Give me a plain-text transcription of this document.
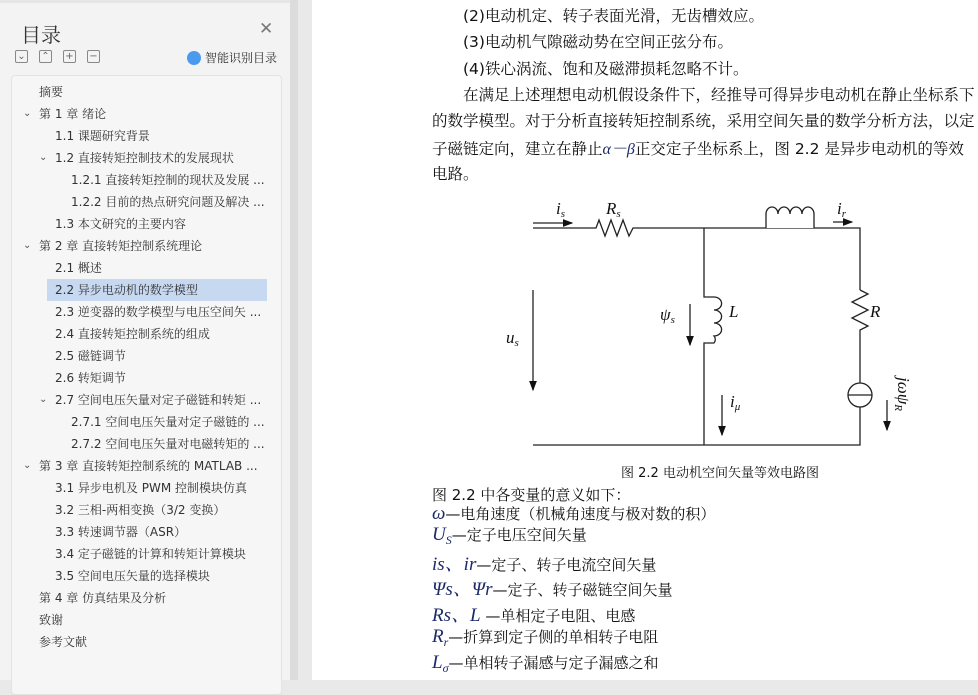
目录	✕
⌄ ⌃ + −	智能识别目录
摘要
⌄ 第 1 章 绪论
1.1 课题研究背景
⌄ 1.2 直接转矩控制技术的发展现状
1.2.1 直接转矩控制的现状及发展 ...
1.2.2 目前的热点研究问题及解决 ...
1.3 本文研究的主要内容
⌄ 第 2 章 直接转矩控制系统理论
2.1 概述
2.2 异步电动机的数学模型
2.3 逆变器的数学模型与电压空间矢 ...
2.4 直接转矩控制系统的组成
2.5 磁链调节
2.6 转矩调节
⌄ 2.7 空间电压矢量对定子磁链和转矩 ...
2.7.1 空间电压矢量对定子磁链的 ...
2.7.2 空间电压矢量对电磁转矩的 ...
⌄ 第 3 章 直接转矩控制系统的 MATLAB ...
3.1 异步电机及 PWM 控制模块仿真
3.2 三相-两相变换（3/2 变换）
3.3 转速调节器（ASR）
3.4 定子磁链的计算和转矩计算模块
3.5 空间电压矢量的选择模块
第 4 章 仿真结果及分析
致谢
参考文献
(2)电动机定、转子表面光滑，无齿槽效应。
(3)电动机气隙磁动势在空间正弦分布。
(4)铁心涡流、饱和及磁滞损耗忽略不计。
在满足上述理想电动机假设条件下，经推导可得异步电动机在静止坐标系下
的数学模型。对于分析直接转矩控制系统，采用空间矢量的数学分析方法，以定
子磁链定向，建立在静止α－β正交定子坐标系上，图 2.2 是异步电动机的等效
电路。
is Rs	ir
ψs	L
us
R
iμ
jωψR
图 2.2 电动机空间矢量等效电路图
图 2.2 中各变量的意义如下：
ω—电角速度（机械角速度与极对数的积）
$U_S—$定子电压空间矢量
is、ir—定子、转子电流空间矢量
Ψs、Ψr—定子、转子磁链空间矢量
Rs、L —单相定子电阻、电感
$R_r—$折算到定子侧的单相转子电阻
$L_\sigma—$单相转子漏感与定子漏感之和
